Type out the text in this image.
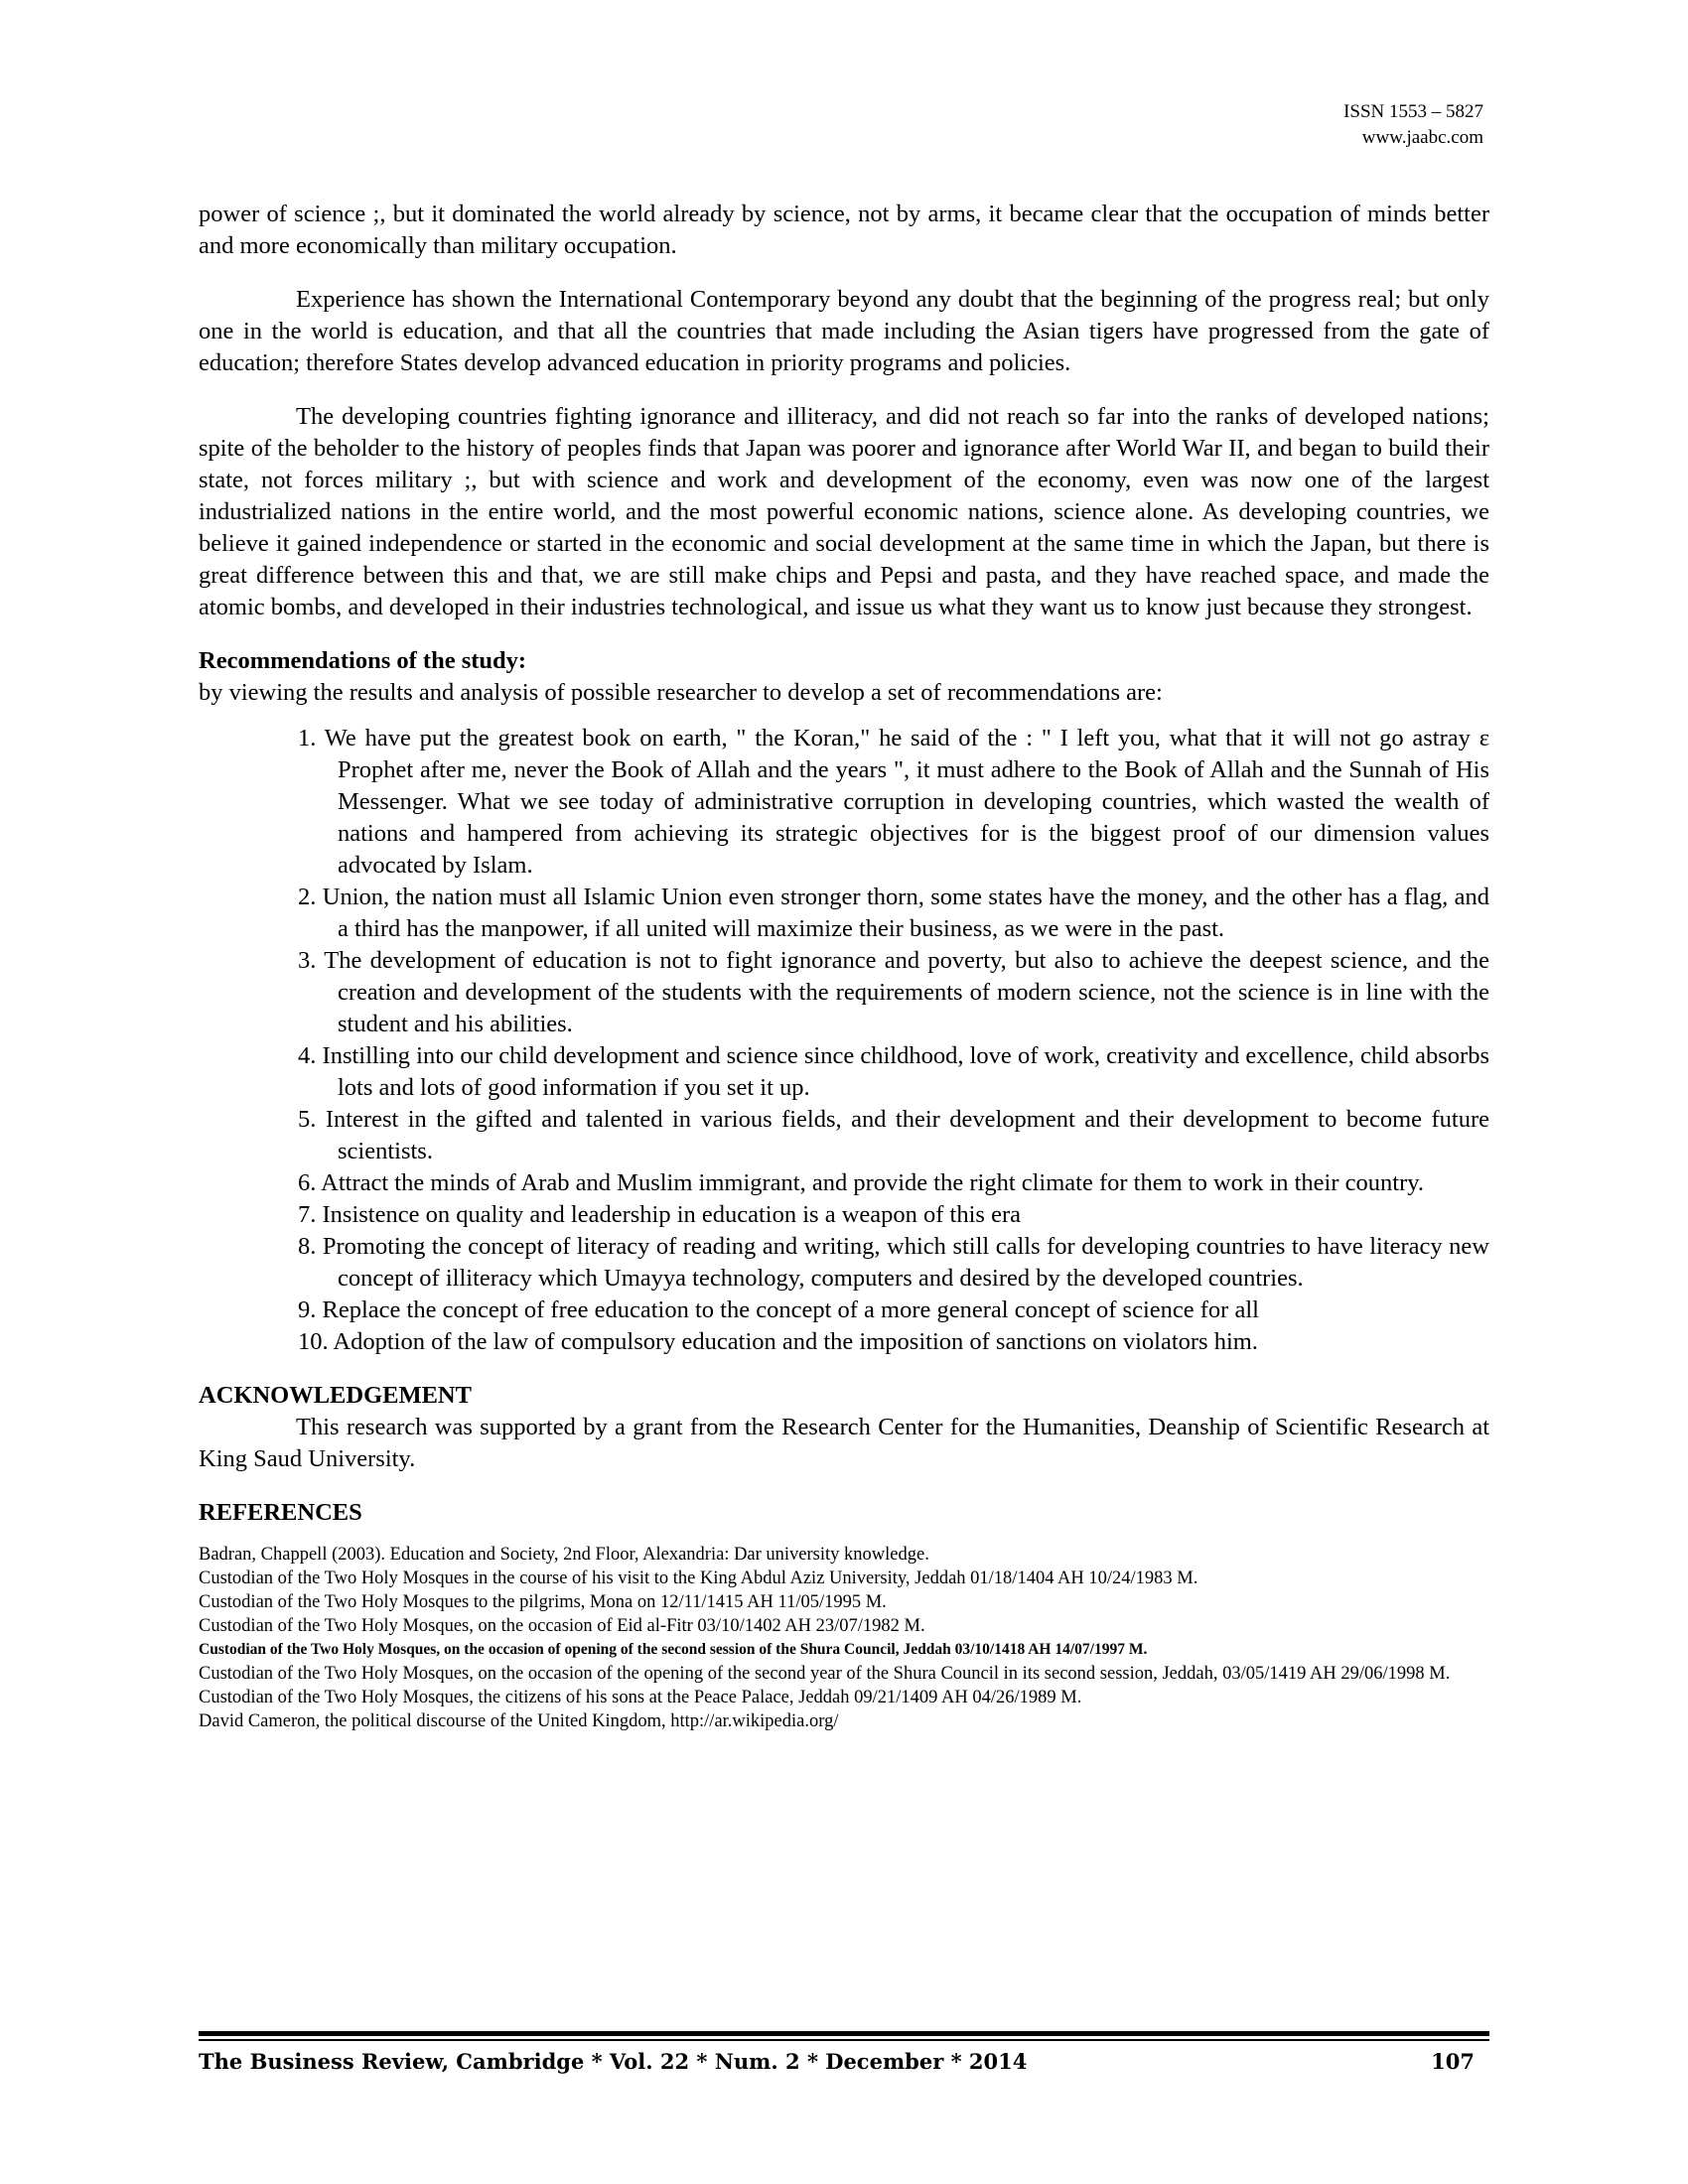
ISSN 1553 – 5827
www.jaabc.com

power of science ;, but it dominated the world already by science, not by arms, it became clear that the occupation of minds better and more economically than military occupation.

Experience has shown the International Contemporary beyond any doubt that the beginning of the progress real; but only one in the world is education, and that all the countries that made including the Asian tigers have progressed from the gate of education; therefore States develop advanced education in priority programs and policies.

The developing countries fighting ignorance and illiteracy, and did not reach so far into the ranks of developed nations; spite of the beholder to the history of peoples finds that Japan was poorer and ignorance after World War II, and began to build their state, not forces military ;, but with science and work and development of the economy, even was now one of the largest industrialized nations in the entire world, and the most powerful economic nations, science alone. As developing countries, we believe it gained independence or started in the economic and social development at the same time in which the Japan, but there is great difference between this and that, we are still make chips and Pepsi and pasta, and they have reached space, and made the atomic bombs, and developed in their industries technological, and issue us what they want us to know just because they strongest.

Recommendations of the study:

by viewing the results and analysis of possible researcher to develop a set of recommendations are:

1. We have put the greatest book on earth, " the Koran," he said of the : " I left you, what that it will not go astray ε Prophet after me, never the Book of Allah and the years ", it must adhere to the Book of Allah and the Sunnah of His Messenger. What we see today of administrative corruption in developing countries, which wasted the wealth of nations and hampered from achieving its strategic objectives for is the biggest proof of our dimension values advocated by Islam.
2. Union, the nation must all Islamic Union even stronger thorn, some states have the money, and the other has a flag, and a third has the manpower, if all united will maximize their business, as we were in the past.
3. The development of education is not to fight ignorance and poverty, but also to achieve the deepest science, and the creation and development of the students with the requirements of modern science, not the science is in line with the student and his abilities.
4. Instilling into our child development and science since childhood, love of work, creativity and excellence, child absorbs lots and lots of good information if you set it up.
5. Interest in the gifted and talented in various fields, and their development and their development to become future scientists.
6. Attract the minds of Arab and Muslim immigrant, and provide the right climate for them to work in their country.
7. Insistence on quality and leadership in education is a weapon of this era
8. Promoting the concept of literacy of reading and writing, which still calls for developing countries to have literacy new concept of illiteracy which Umayya technology, computers and desired by the developed countries.
9. Replace the concept of free education to the concept of a more general concept of science for all
10. Adoption of the law of compulsory education and the imposition of sanctions on violators him.

ACKNOWLEDGEMENT

This research was supported by a grant from the Research Center for the Humanities, Deanship of Scientific Research at King Saud University.

REFERENCES

Badran, Chappell (2003). Education and Society, 2nd Floor, Alexandria: Dar university knowledge.
Custodian of the Two Holy Mosques in the course of his visit to the King Abdul Aziz University, Jeddah 01/18/1404 AH 10/24/1983 M.
Custodian of the Two Holy Mosques to the pilgrims, Mona on 12/11/1415 AH 11/05/1995 M.
Custodian of the Two Holy Mosques, on the occasion of Eid al-Fitr 03/10/1402 AH 23/07/1982 M.
Custodian of the Two Holy Mosques, on the occasion of opening of the second session of the Shura Council, Jeddah 03/10/1418 AH 14/07/1997 M.
Custodian of the Two Holy Mosques, on the occasion of the opening of the second year of the Shura Council in its second session, Jeddah, 03/05/1419 AH 29/06/1998 M.
Custodian of the Two Holy Mosques, the citizens of his sons at the Peace Palace, Jeddah 09/21/1409 AH 04/26/1989 M.
David Cameron, the political discourse of the United Kingdom, http://ar.wikipedia.org/
The Business Review, Cambridge * Vol. 22 * Num. 2 * December * 2014	107
